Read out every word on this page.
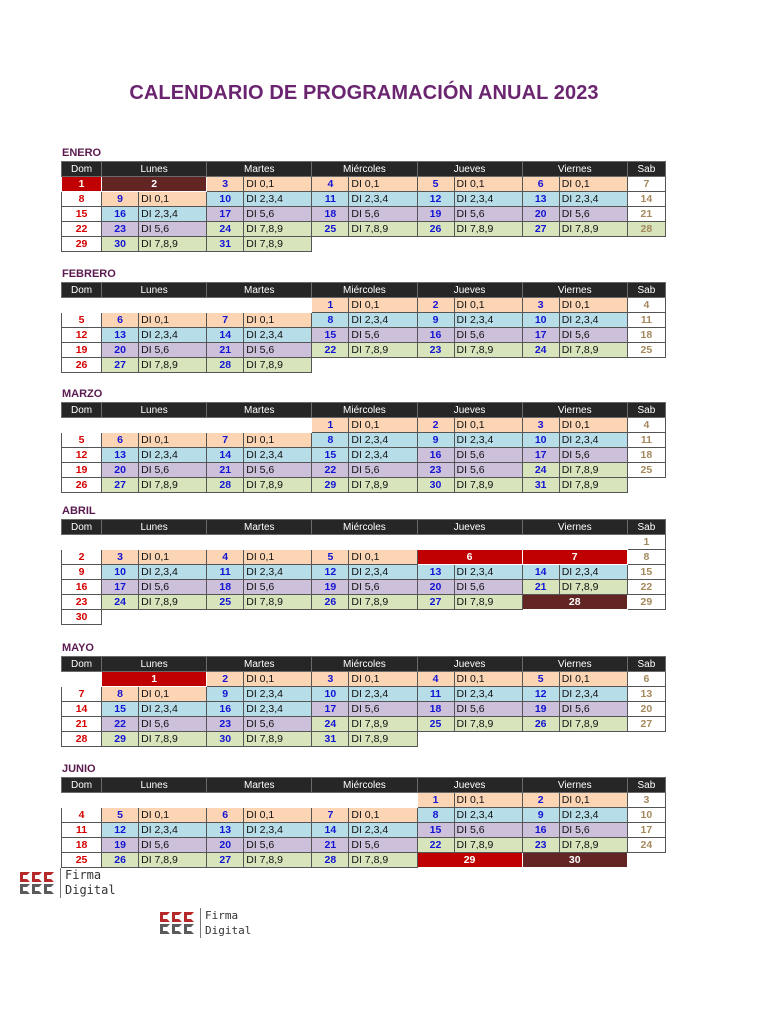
CALENDARIO DE PROGRAMACIÓN ANUAL 2023
ENERO
Dom	Lunes		Martes		Miércoles		Jueves		Viernes		Sab
1	2		3	DI 0,1	4	DI 0,1	5	DI 0,1	6	DI 0,1	7
8	9	DI 0,1	10	DI 2,3,4	11	DI 2,3,4	12	DI 2,3,4	13	DI 2,3,4	14
15	16	DI 2,3,4	17	DI 5,6	18	DI 5,6	19	DI 5,6	20	DI 5,6	21
22	23	DI 5,6	24	DI 7,8,9	25	DI 7,8,9	26	DI 7,8,9	27	DI 7,8,9	28
29	30	DI 7,8,9	31	DI 7,8,9							
FEBRERO
Dom	Lunes		Martes		Miércoles		Jueves		Viernes		Sab
					1	DI 0,1	2	DI 0,1	3	DI 0,1	4
5	6	DI 0,1	7	DI 0,1	8	DI 2,3,4	9	DI 2,3,4	10	DI 2,3,4	11
12	13	DI 2,3,4	14	DI 2,3,4	15	DI 5,6	16	DI 5,6	17	DI 5,6	18
19	20	DI 5,6	21	DI 5,6	22	DI 7,8,9	23	DI 7,8,9	24	DI 7,8,9	25
26	27	DI 7,8,9	28	DI 7,8,9							
MARZO
Dom	Lunes		Martes		Miércoles		Jueves		Viernes		Sab
					1	DI 0,1	2	DI 0,1	3	DI 0,1	4
5	6	DI 0,1	7	DI 0,1	8	DI 2,3,4	9	DI 2,3,4	10	DI 2,3,4	11
12	13	DI 2,3,4	14	DI 2,3,4	15	DI 2,3,4	16	DI 5,6	17	DI 5,6	18
19	20	DI 5,6	21	DI 5,6	22	DI 5,6	23	DI 5,6	24	DI 7,8,9	25
26	27	DI 7,8,9	28	DI 7,8,9	29	DI 7,8,9	30	DI 7,8,9	31	DI 7,8,9	
ABRIL
Dom	Lunes		Martes		Miércoles		Jueves		Viernes		Sab
											1
2	3	DI 0,1	4	DI 0,1	5	DI 0,1	6		7		8
9	10	DI 2,3,4	11	DI 2,3,4	12	DI 2,3,4	13	DI 2,3,4	14	DI 2,3,4	15
16	17	DI 5,6	18	DI 5,6	19	DI 5,6	20	DI 5,6	21	DI 7,8,9	22
23	24	DI 7,8,9	25	DI 7,8,9	26	DI 7,8,9	27	DI 7,8,9	28		29
30											
MAYO
Dom	Lunes		Martes		Miércoles		Jueves		Viernes		Sab
	1		2	DI 0,1	3	DI 0,1	4	DI 0,1	5	DI 0,1	6
7	8	DI 0,1	9	DI 2,3,4	10	DI 2,3,4	11	DI 2,3,4	12	DI 2,3,4	13
14	15	DI 2,3,4	16	DI 2,3,4	17	DI 5,6	18	DI 5,6	19	DI 5,6	20
21	22	DI 5,6	23	DI 5,6	24	DI 7,8,9	25	DI 7,8,9	26	DI 7,8,9	27
28	29	DI 7,8,9	30	DI 7,8,9	31	DI 7,8,9					
JUNIO
Dom	Lunes		Martes		Miércoles		Jueves		Viernes		Sab
							1	DI 0,1	2	DI 0,1	3
4	5	DI 0,1	6	DI 0,1	7	DI 0,1	8	DI 2,3,4	9	DI 2,3,4	10
11	12	DI 2,3,4	13	DI 2,3,4	14	DI 2,3,4	15	DI 5,6	16	DI 5,6	17
18	19	DI 5,6	20	DI 5,6	21	DI 5,6	22	DI 7,8,9	23	DI 7,8,9	24
25	26	DI 7,8,9	27	DI 7,8,9	28	DI 7,8,9	29		30		
Firma
Digital
Firma
Digital
